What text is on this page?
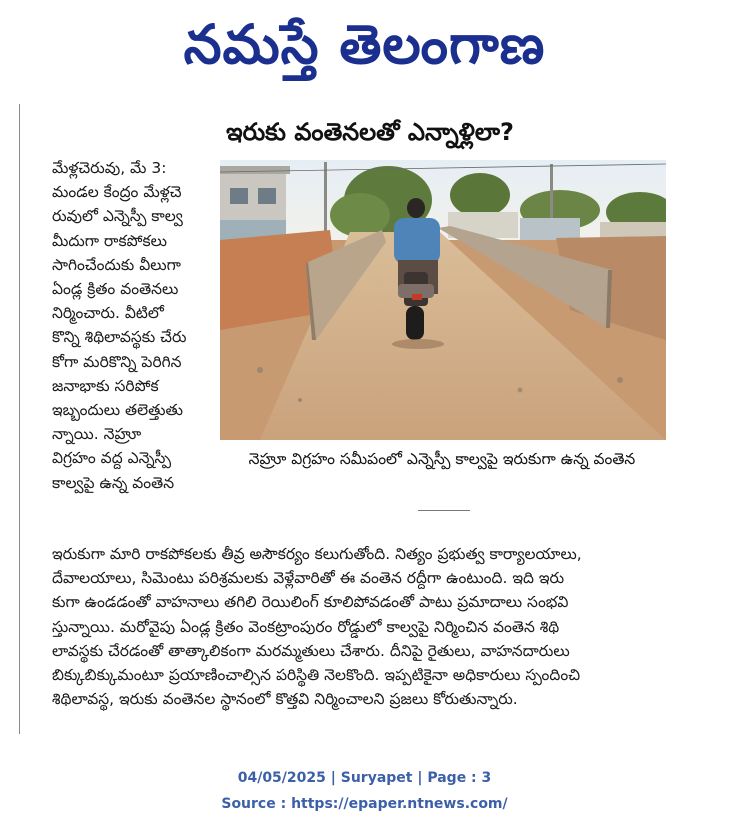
నమస్తే తెలంగాణ
ఇరుకు వంతెనలతో ఎన్నాళ్లిలా?

మేళ్లచెరువు, మే 3:

మండల కేంద్రం మేళ్లచె

రువులో ఎన్నెస్పీ కాల్వ

మీదుగా రాకపోకలు

సాగించేందుకు వీలుగా

ఏండ్ల క్రితం వంతెనలు

నిర్మించారు. వీటిలో

కొన్ని శిథిలావస్థకు చేరు

కోగా మరికొన్ని పెరిగిన

జనాభాకు సరిపోక

ఇబ్బందులు తలెత్తుతు

న్నాయి. నెహ్రూ

విగ్రహం వద్ద ఎన్నెస్పీ

కాల్వపై ఉన్న వంతెన

నెహ్రూ విగ్రహం సమీపంలో ఎన్నెస్పీ కాల్వపై ఇరుకుగా ఉన్న వంతెన
ఇరుకుగా మారి రాకపోకలకు తీవ్ర అసౌకర్యం కలుగుతోంది. నిత్యం ప్రభుత్వ కార్యాలయాలు,
దేవాలయాలు, సిమెంటు పరిశ్రమలకు వెళ్లేవారితో ఈ వంతెన రద్దీగా ఉంటుంది. ఇది ఇరు
కుగా ఉండడంతో వాహనాలు తగిలి రెయిలింగ్ కూలిపోవడంతో పాటు ప్రమాదాలు సంభవి
స్తున్నాయి. మరోవైపు ఏండ్ల క్రితం వెంకట్రాంపురం రోడ్డులో కాల్వపై నిర్మించిన వంతెన శిథి
లావస్థకు చేరడంతో తాత్కాలికంగా మరమ్మతులు చేశారు. దీనిపై రైతులు, వాహనదారులు
బిక్కుబిక్కుమంటూ ప్రయాణించాల్సిన పరిస్థితి నెలకొంది. ఇప్పటికైనా అధికారులు స్పందించి
శిథిలావస్థ, ఇరుకు వంతెనల స్థానంలో కొత్తవి నిర్మించాలని ప్రజలు కోరుతున్నారు.
04/05/2025 | Suryapet | Page : 3
Source : https://epaper.ntnews.com/
